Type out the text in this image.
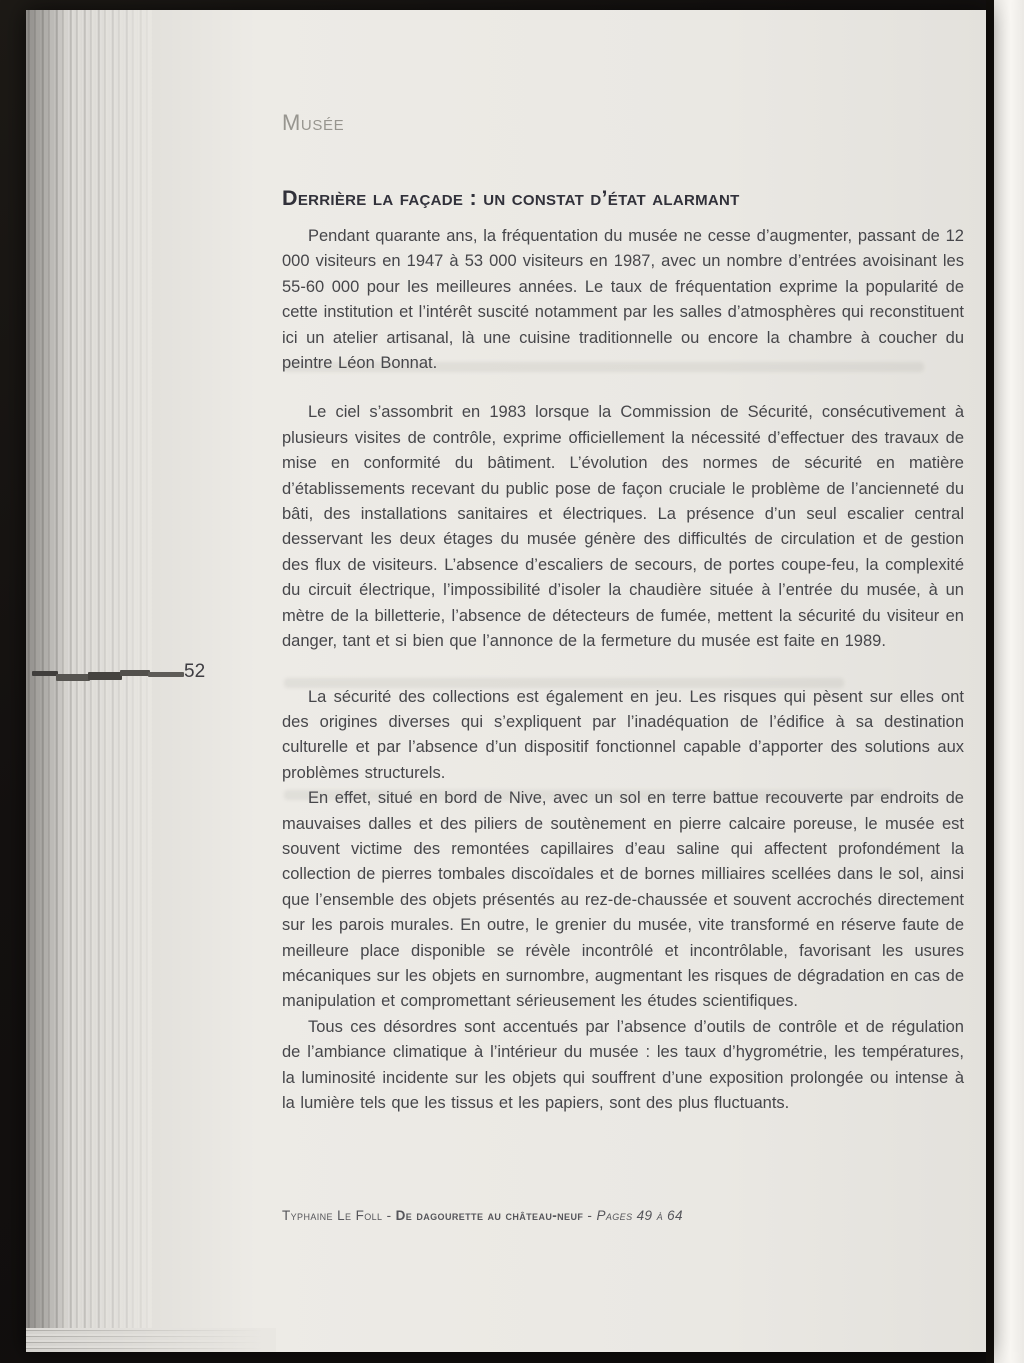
52
Musée
Derrière la façade : un constat d’état alarmant

Pendant quarante ans, la fréquentation du musée ne cesse d’augmenter, passant de 12 000 visiteurs en 1947 à 53 000 visiteurs en 1987, avec un nombre d’entrées avoisinant les 55-60 000 pour les meilleures années. Le taux de fréquentation exprime la popularité de cette institution et l’intérêt suscité notamment par les salles d’atmosphères qui reconstituent ici un atelier artisanal, là une cuisine traditionnelle ou encore la chambre à coucher du peintre Léon Bonnat.

Le ciel s’assombrit en 1983 lorsque la Commission de Sécurité, consécutivement à plusieurs visites de contrôle, exprime officiellement la nécessité d’effectuer des travaux de mise en conformité du bâtiment. L’évolution des normes de sécurité en matière d’établissements recevant du public pose de façon cruciale le problème de l’ancienneté du bâti, des installations sanitaires et électriques. La présence d’un seul escalier central desservant les deux étages du musée génère des difficultés de circulation et de gestion des flux de visiteurs. L’absence d’escaliers de secours, de portes coupe-feu, la complexité du circuit électrique, l’impossibilité d’isoler la chaudière située à l’entrée du musée, à un mètre de la billetterie, l’absence de détecteurs de fumée, mettent la sécurité du visiteur en danger, tant et si bien que l’annonce de la fermeture du musée est faite en 1989.

La sécurité des collections est également en jeu. Les risques qui pèsent sur elles ont des origines diverses qui s’expliquent par l’inadéquation de l’édifice à sa destination culturelle et par l’absence d’un dispositif fonctionnel capable d’apporter des solutions aux problèmes structurels.

En effet, situé en bord de Nive, avec un sol en terre battue recouverte par endroits de mauvaises dalles et des piliers de soutènement en pierre calcaire poreuse, le musée est souvent victime des remontées capillaires d’eau saline qui affectent profondément la collection de pierres tombales discoïdales et de bornes milliaires scellées dans le sol, ainsi que l’ensemble des objets présentés au rez-de-chaussée et souvent accrochés directement sur les parois murales. En outre, le grenier du musée, vite transformé en réserve faute de meilleure place disponible se révèle incontrôlé et incontrôlable, favorisant les usures mécaniques sur les objets en surnombre, augmentant les risques de dégradation en cas de manipulation et compromettant sérieusement les études scientifiques.

Tous ces désordres sont accentués par l’absence d’outils de contrôle et de régulation de l’ambiance climatique à l’intérieur du musée : les taux d’hygrométrie, les températures, la luminosité incidente sur les objets qui souffrent d’une exposition prolongée ou intense à la lumière tels que les tissus et les papiers, sont des plus fluctuants.

Typhaine Le Foll - De dagourette au château-neuf - Pages 49 à 64
